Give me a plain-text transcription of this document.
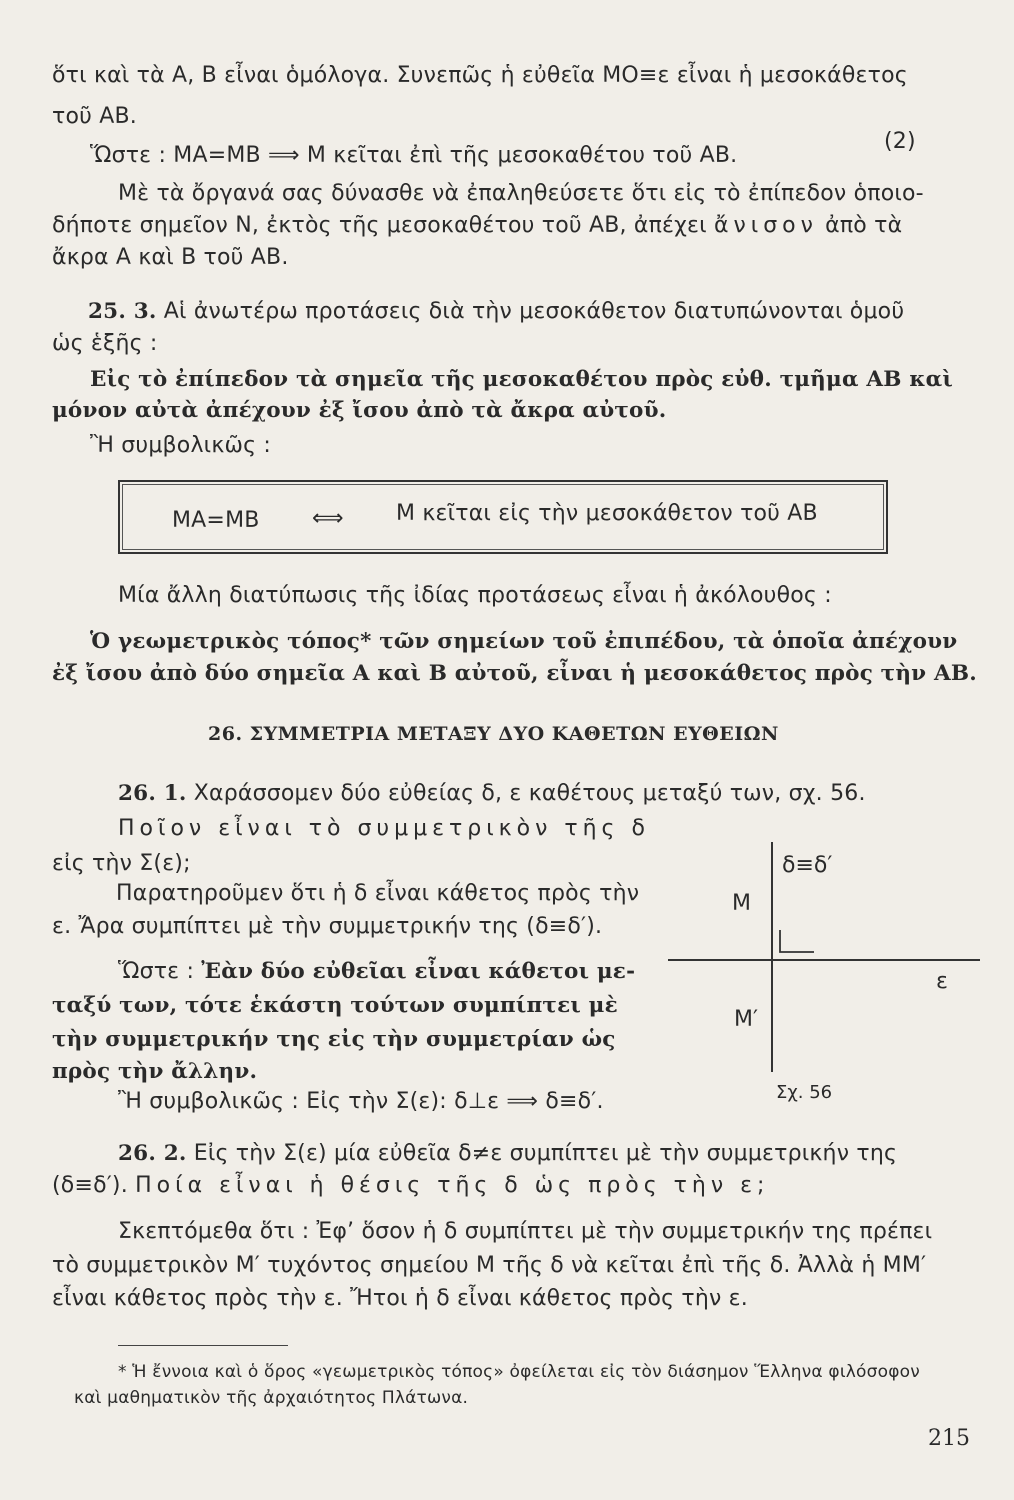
ὅτι καὶ τὰ Α, Β εἶναι ὁμόλογα. Συνεπῶς ἡ εὐθεῖα ΜΟ≡ε εἶναι ἡ μεσοκάθετος
τοῦ ΑΒ.
Ὥστε : ΜΑ=ΜΒ ⟹ Μ κεῖται ἐπὶ τῆς μεσοκαθέτου τοῦ ΑΒ.
(2)
Μὲ τὰ ὄργανά σας δύνασθε νὰ ἐπαληθεύσετε ὅτι εἰς τὸ ἐπίπεδον ὁποιο-
δήποτε σημεῖον Ν, ἐκτὸς τῆς μεσοκαθέτου τοῦ ΑΒ, ἀπέχει ἄνισον ἀπὸ τὰ
ἄκρα Α καὶ Β τοῦ ΑΒ.
25. 3. Αἱ ἀνωτέρω προτάσεις διὰ τὴν μεσοκάθετον διατυπώνονται ὁμοῦ
ὡς ἑξῆς :
Εἰς τὸ ἐπίπεδον τὰ σημεῖα τῆς μεσοκαθέτου πρὸς εὐθ. τμῆμα ΑΒ καὶ
μόνον αὐτὰ ἀπέχουν ἐξ ἴσου ἀπὸ τὰ ἄκρα αὐτοῦ.
Ἢ συμβολικῶς :
ΜΑ=ΜΒ ⟺ Μ κεῖται εἰς τὴν μεσοκάθετον τοῦ ΑΒ
Μία ἄλλη διατύπωσις τῆς ἰδίας προτάσεως εἶναι ἡ ἀκόλουθος :
Ὁ γεωμετρικὸς τόπος* τῶν σημείων τοῦ ἐπιπέδου, τὰ ὁποῖα ἀπέχουν
ἐξ ἴσου ἀπὸ δύο σημεῖα Α καὶ Β αὐτοῦ, εἶναι ἡ μεσοκάθετος πρὸς τὴν ΑΒ.
26. ΣΥΜΜΕΤΡΙΑ ΜΕΤΑΞΥ ΔΥΟ ΚΑΘΕΤΩΝ ΕΥΘΕΙΩΝ
26. 1. Χαράσσομεν δύο εὐθείας δ, ε καθέτους μεταξύ των, σχ. 56.
Ποῖον εἶναι τὸ συμμετρικὸν τῆς δ
εἰς τὴν Σ(ε);
Παρατηροῦμεν ὅτι ἡ δ εἶναι κάθετος πρὸς τὴν
ε. Ἄρα συμπίπτει μὲ τὴν συμμετρικήν της (δ≡δ′).
Ὥστε : Ἐὰν δύο εὐθεῖαι εἶναι κάθετοι με-
ταξύ των, τότε ἑκάστη τούτων συμπίπτει μὲ
τὴν συμμετρικήν της εἰς τὴν συμμετρίαν ὡς
πρὸς τὴν ἄλλην.
Ἢ συμβολικῶς : Εἰς τὴν Σ(ε): δ⊥ε ⟹ δ≡δ′.
26. 2. Εἰς τὴν Σ(ε) μία εὐθεῖα δ≠ε συμπίπτει μὲ τὴν συμμετρικήν της
(δ≡δ′). Ποία εἶναι ἡ θέσις τῆς δ ὡς πρὸς τὴν ε;
Σκεπτόμεθα ὅτι : Ἐφ’ ὅσον ἡ δ συμπίπτει μὲ τὴν συμμετρικήν της πρέπει
τὸ συμμετρικὸν Μ′ τυχόντος σημείου Μ τῆς δ νὰ κεῖται ἐπὶ τῆς δ. Ἀλλὰ ἡ ΜΜ′
εἶναι κάθετος πρὸς τὴν ε. Ἤτοι ἡ δ εἶναι κάθετος πρὸς τὴν ε.
* Ἡ ἔννοια καὶ ὁ ὅρος «γεωμετρικὸς τόπος» ὀφείλεται εἰς τὸν διάσημον Ἕλληνα φιλόσοφον
καὶ μαθηματικὸν τῆς ἀρχαιότητος Πλάτωνα.
δ≡δ′
Μ
Μ′
ε
Σχ. 56
215
